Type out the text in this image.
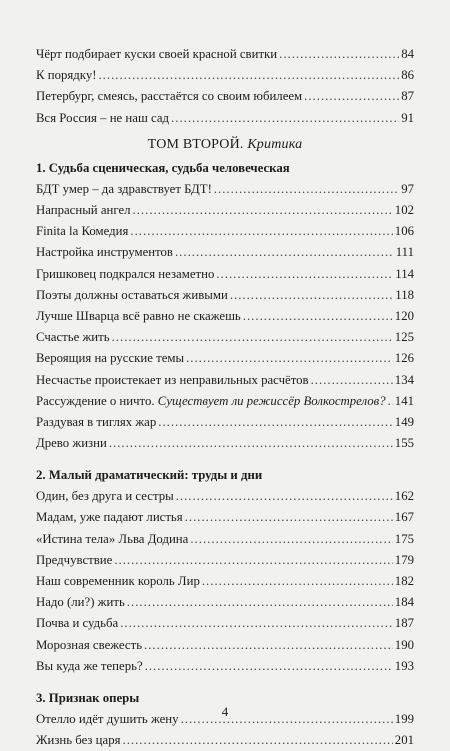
Чёрт подбирает куски своей красной свитки .....	84
К порядку! .....	86
Петербург, смеясь, расстаётся со своим юбилеем .....	87
Вся Россия – не наш сад .....	91
ТОМ ВТОРОЙ. Критика
1. Судьба сценическая, судьба человеческая
БДТ умер – да здравствует БДТ! .....	97
Напрасный ангел .....	102
Finita la Комедия .....	106
Настройка инструментов .....	111
Гришковец подкрался незаметно .....	114
Поэты должны оставаться живыми .....	118
Лучше Шварца всё равно не скажешь .....	120
Счастье жить .....	125
Вероящия на русские темы .....	126
Несчастье проистекает из неправильных расчётов .....	134
Рассуждение о ничто. Существует ли режиссёр Волкострелов? ..... 141
Раздувая в тиглях жар .....	149
Древо жизни .....	155
2. Малый драматический: труды и дни
Один, без друга и сестры .....	162
Мадам, уже падают листья .....	167
«Истина тела» Льва Додина .....	175
Предчувствие .....	179
Наш современник король Лир .....	182
Надо (ли?) жить .....	184
Почва и судьба .....	187
Морозная свежесть .....	190
Вы куда же теперь? .....	193
3. Признак оперы
Отелло идёт душить жену .....	199
Жизнь без царя .....	201
4
